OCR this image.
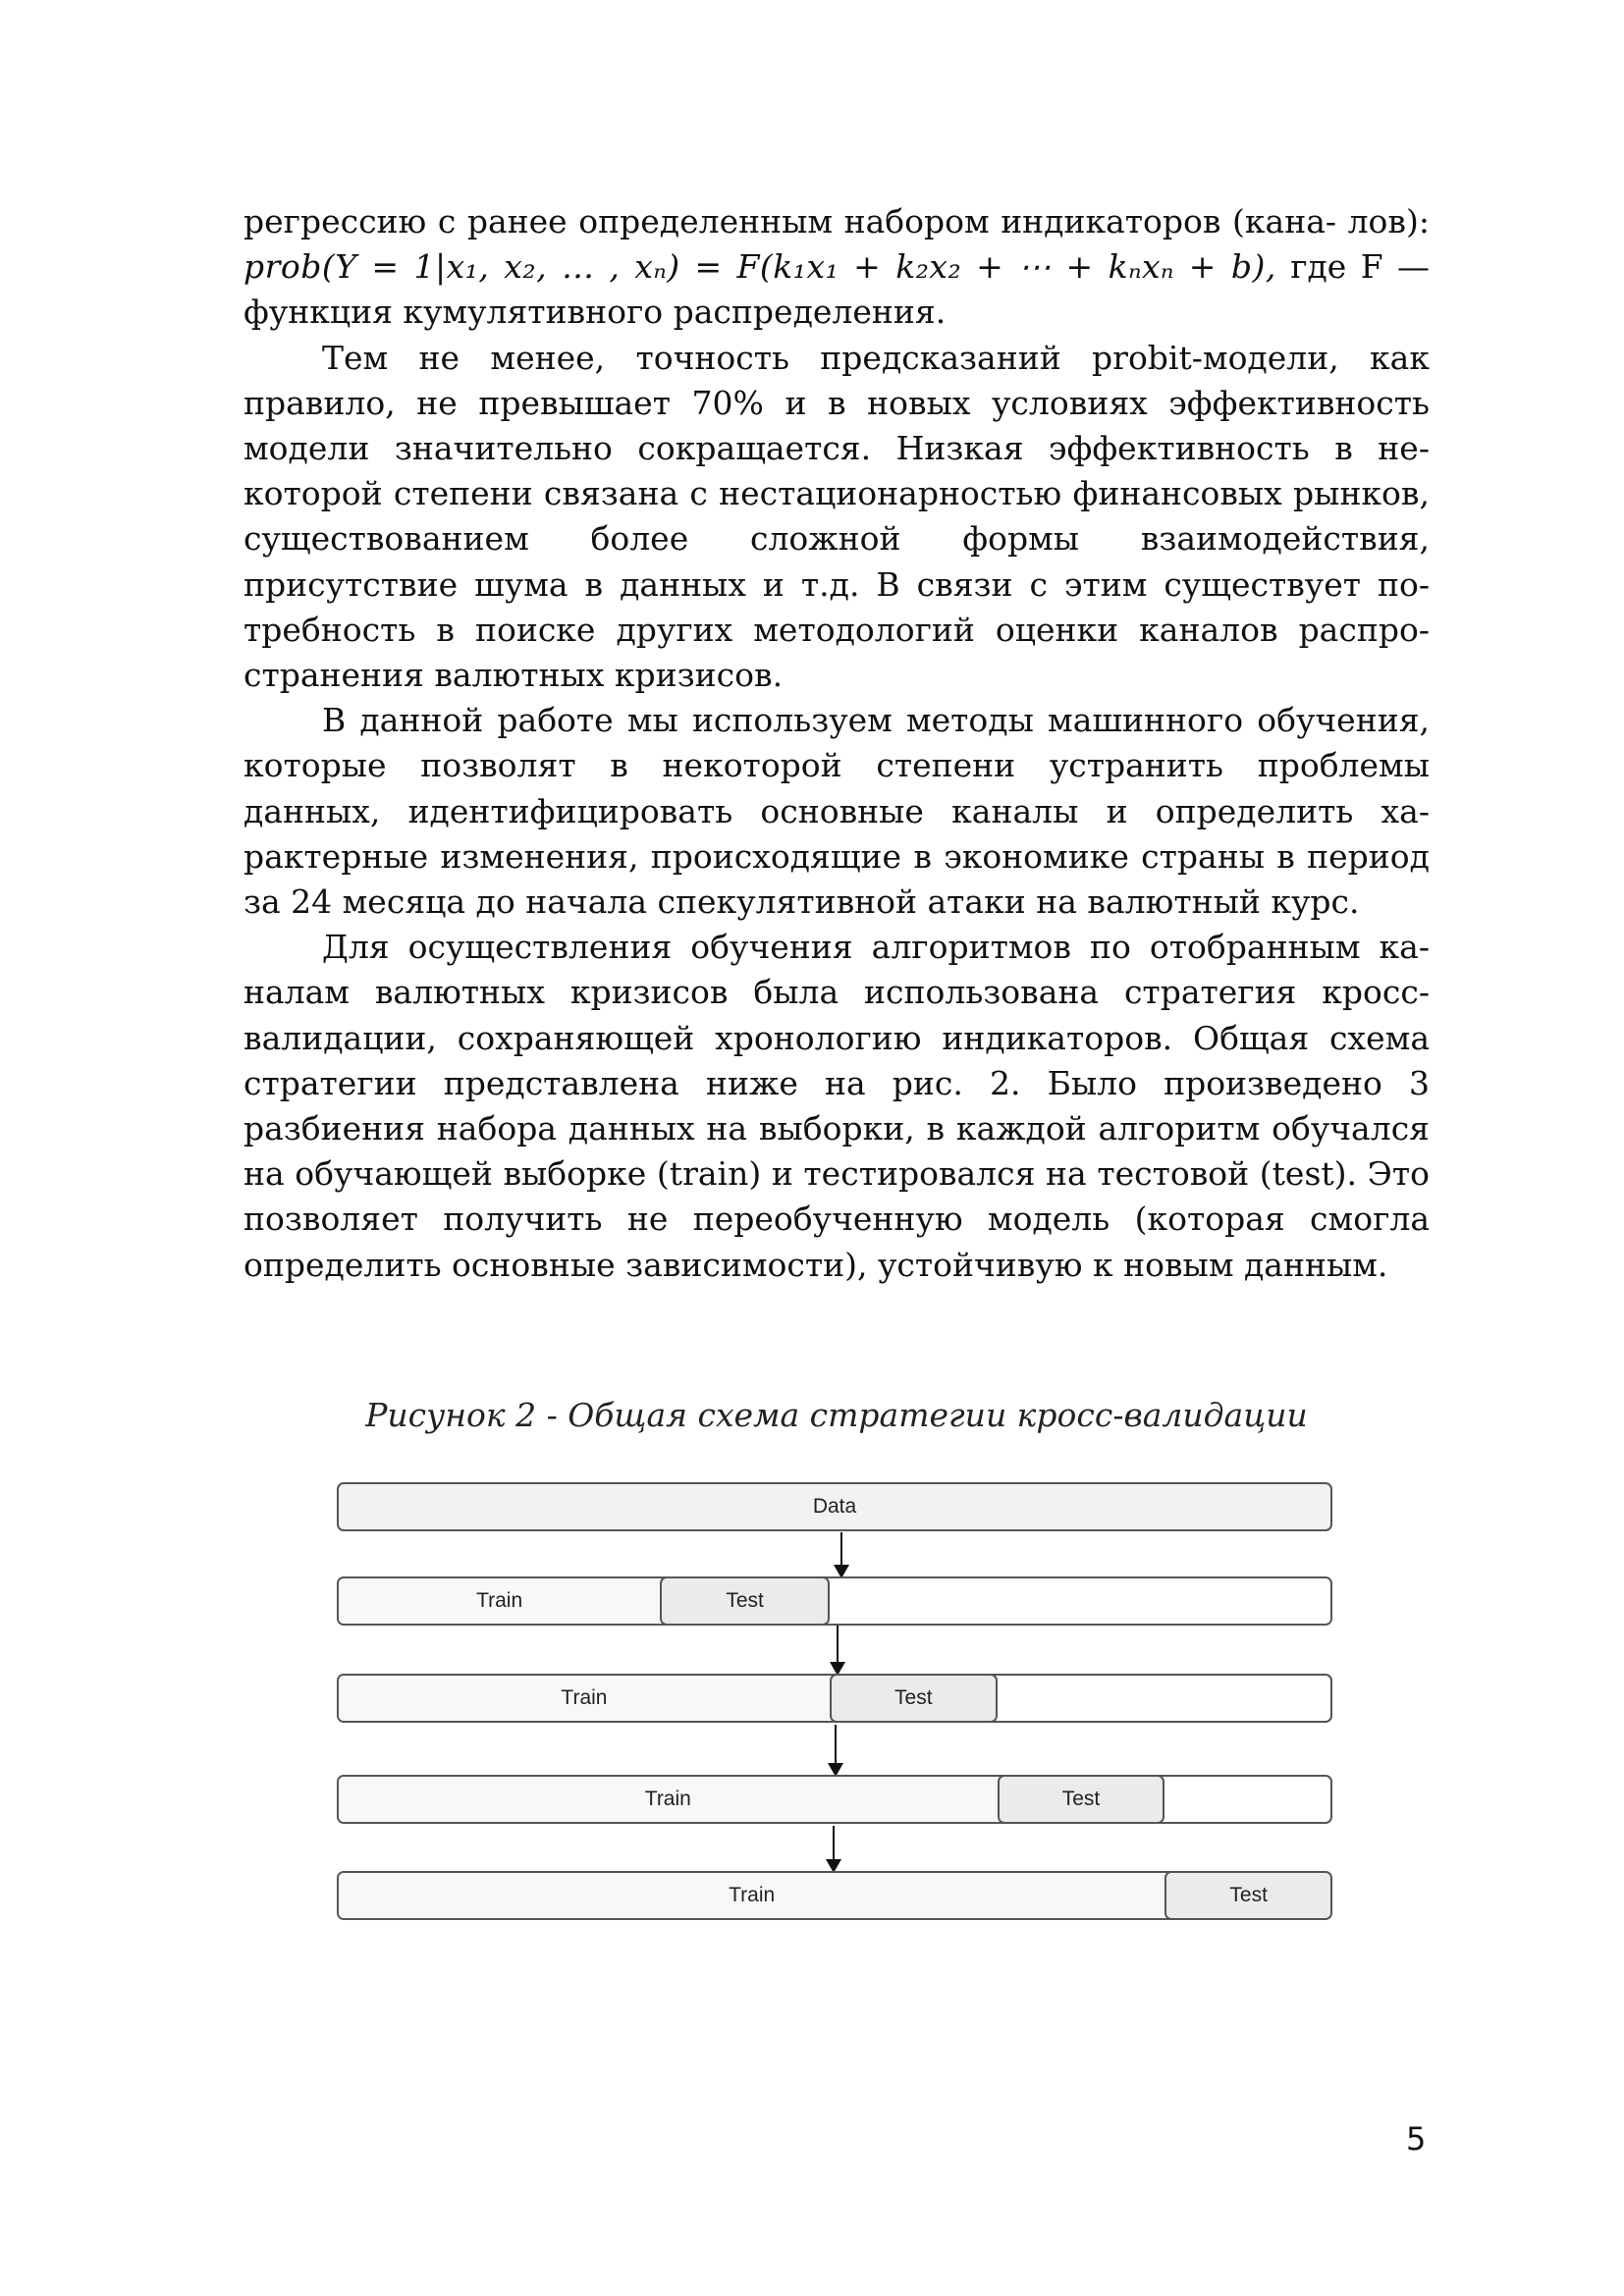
регрессию с ранее определенным набором индикаторов (кана- лов): prob(Y = 1|x₁, x₂, … , xₙ) = F(k₁x₁ + k₂x₂ + ⋯ + kₙxₙ + b), где F — функция кумулятивного распределения.

Тем не менее, точность предсказаний probit-модели, как правило, не превышает 70% и в новых условиях эффективность модели значительно сокращается. Низкая эффективность в некоторой степени связана с нестационарностью финансовых рынков, существованием более сложной формы взаимодействия, присутствие шума в данных и т.д. В связи с этим существует потребность в поиске других методологий оценки каналов распространения валютных кризисов.

В данной работе мы используем методы машинного обучения, которые позволят в некоторой степени устранить проблемы данных, идентифицировать основные каналы и определить характерные изменения, происходящие в экономике страны в период за 24 месяца до начала спекулятивной атаки на валютный курс.

Для осуществления обучения алгоритмов по отобранным каналам валютных кризисов была использована стратегия кросс-валидации, сохраняющей хронологию индикаторов. Общая схема стратегии представлена ниже на рис. 2. Было произведено 3 разбиения набора данных на выборки, в каждой алгоритм обучался на обучающей выборке (train) и тестировался на тестовой (test). Это позволяет получить не переобученную модель (которая смогла определить основные зависимости), устойчивую к новым данным.

Рисунок 2 - Общая схема стратегии кросс-валидации
Data
Train	Test
Train	Test
Train	Test
Train	Test
5
